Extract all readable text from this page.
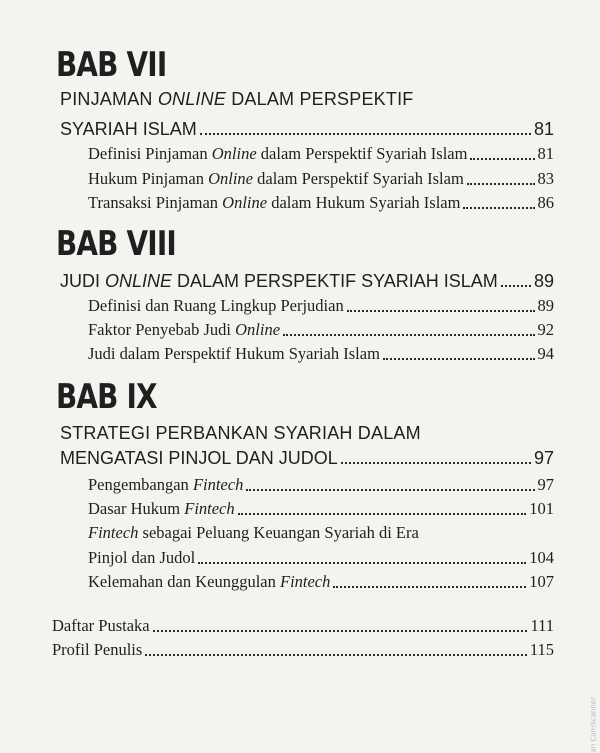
BAB VII
PINJAMAN ONLINE DALAM PERSPEKTIF
SYARIAH ISLAM	81
Definisi Pinjaman Online dalam Perspektif Syariah Islam	81
Hukum Pinjaman Online dalam Perspektif Syariah Islam	83
Transaksi Pinjaman Online dalam Hukum Syariah Islam	86
BAB VIII
JUDI ONLINE DALAM PERSPEKTIF SYARIAH ISLAM 89
Definisi dan Ruang Lingkup Perjudian	89
Faktor Penyebab Judi Online	92
Judi dalam Perspektif Hukum Syariah Islam	94
BAB IX
STRATEGI PERBANKAN SYARIAH DALAM
MENGATASI PINJOL DAN JUDOL	97
Pengembangan Fintech	97
Dasar Hukum Fintech	101
Fintech sebagai Peluang Keuangan Syariah di Era
Pinjol dan Judol	104
Kelemahan dan Keunggulan Fintech	107
Daftar Pustaka	111
Profil Penulis	115
an CamScanner
